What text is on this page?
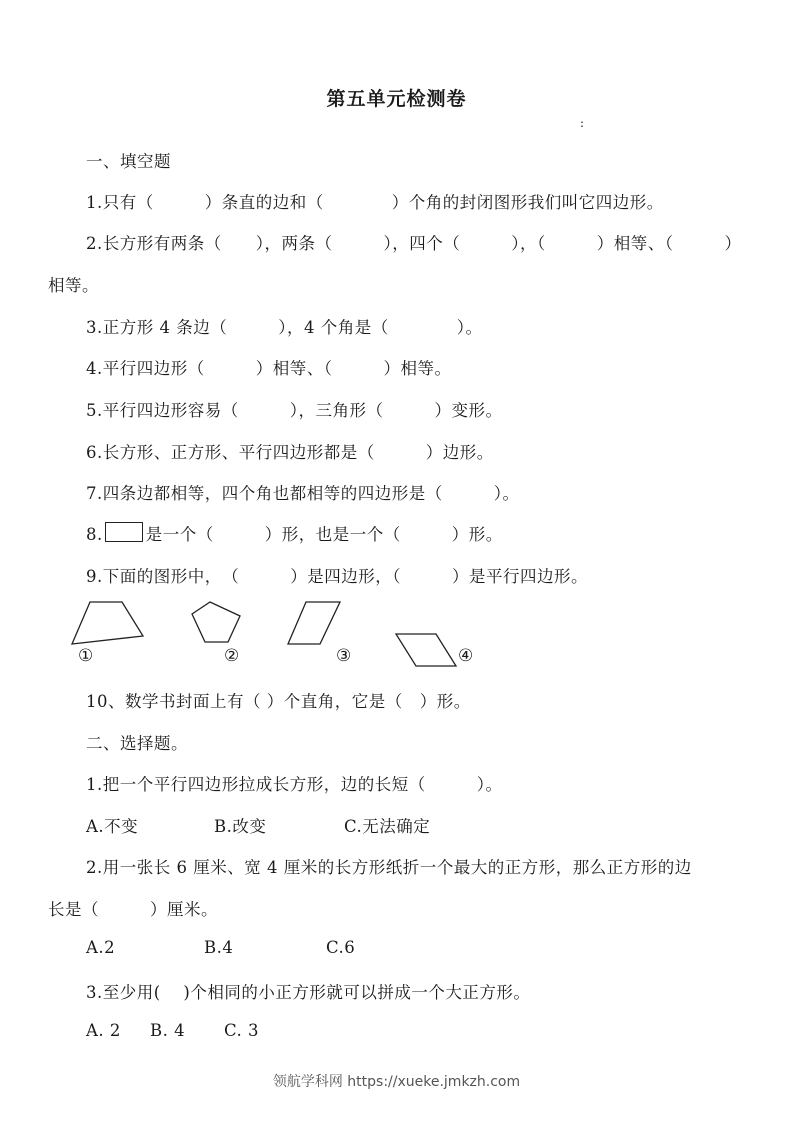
第五单元检测卷
:
一、填空题
1.只有（　　　）条直的边和（　　　　）个角的封闭图形我们叫它四边形。
2.长方形有两条（　　），两条（　　　），四个（　　　），（　　　）相等、（　　　）
相等。
3.正方形 4 条边（　　　），4 个角是（　　　　）。
4.平行四边形（　　　）相等、（　　　）相等。
5.平行四边形容易（　　　），三角形（　　　）变形。
6.长方形、正方形、平行四边形都是（　　　）边形。
7.四条边都相等，四个角也都相等的四边形是（　　　）。
8.	是一个（　　　）形，也是一个（　　　）形。
9.下面的图形中，　（　　　）是四边形，（　　　）是平行四边形。
①	②	③	④
10、数学书封面上有（ ）个直角，它是（　）形。
二、选择题。
1.把一个平行四边形拉成长方形，边的长短（　　　）。
A.不变	B.改变	C.无法确定
2.用一张长 6 厘米、宽 4 厘米的长方形纸折一个最大的正方形，那么正方形的边
长是（　　　）厘米。
A.2	B.4	C.6
3.至少用(　 )个相同的小正方形就可以拼成一个大正方形。
A. 2 B. 4 C. 3
领航学科网 https://xueke.jmkzh.com
